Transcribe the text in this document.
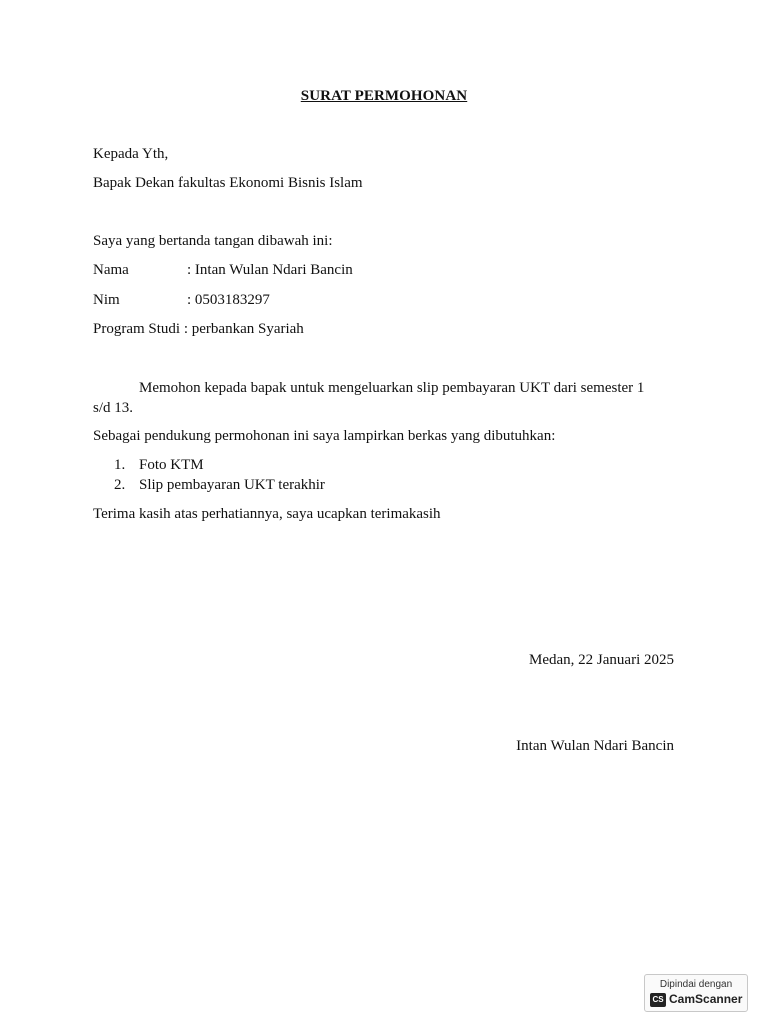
SURAT PERMOHONAN
Kepada Yth,
Bapak Dekan fakultas Ekonomi Bisnis Islam
Saya yang bertanda tangan dibawah ini:
Nama	: Intan Wulan Ndari Bancin
Nim	: 0503183297
Program Studi : perbankan Syariah
Memohon kepada bapak untuk mengeluarkan slip pembayaran UKT dari semester 1
s/d 13.
Sebagai pendukung permohonan ini saya lampirkan berkas yang dibutuhkan:
1. Foto KTM
2. Slip pembayaran UKT terakhir
Terima kasih atas perhatiannya, saya ucapkan terimakasih
Medan, 22 Januari 2025
Intan Wulan Ndari Bancin
Dipindai dengan
CS CamScanner
